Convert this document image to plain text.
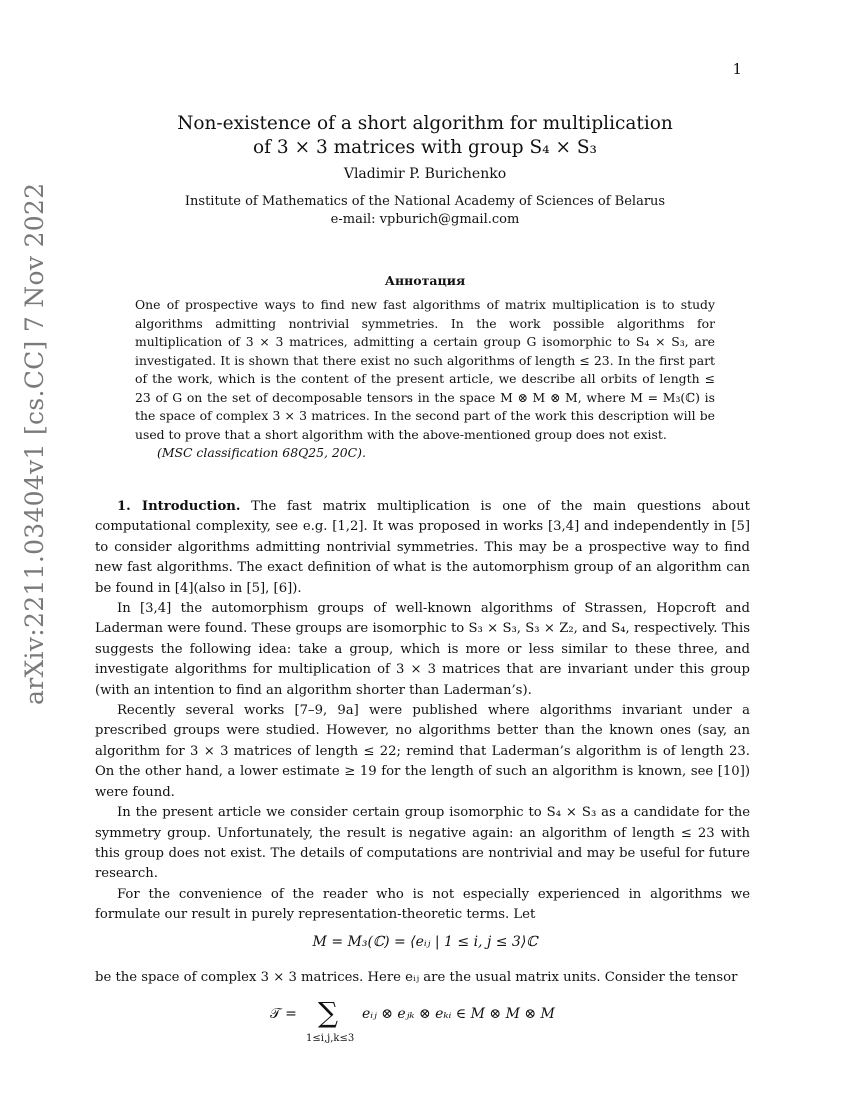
1
arXiv:2211.03404v1 [cs.CC] 7 Nov 2022
Non-existence of a short algorithm for multiplication
of 3 × 3 matrices with group S₄ × S₃
Vladimir P. Burichenko
Institute of Mathematics of the National Academy of Sciences of Belarus
e-mail: vpburich@gmail.com
Аннотация
One of prospective ways to find new fast algorithms of matrix multiplication is to study algorithms admitting nontrivial symmetries. In the work possible algorithms for multiplication of 3 × 3 matrices, admitting a certain group G isomorphic to S₄ × S₃, are investigated. It is shown that there exist no such algorithms of length ≤ 23. In the first part of the work, which is the content of the present article, we describe all orbits of length ≤ 23 of G on the set of decomposable tensors in the space M ⊗ M ⊗ M, where M = M₃(ℂ) is the space of complex 3 × 3 matrices. In the second part of the work this description will be used to prove that a short algorithm with the above-mentioned group does not exist.
(MSC classification 68Q25, 20C).

1. Introduction. The fast matrix multiplication is one of the main questions about computational complexity, see e.g. [1,2]. It was proposed in works [3,4] and independently in [5] to consider algorithms admitting nontrivial symmetries. This may be a prospective way to find new fast algorithms. The exact definition of what is the automorphism group of an algorithm can be found in [4](also in [5], [6]).

In [3,4] the automorphism groups of well-known algorithms of Strassen, Hopcroft and Laderman were found. These groups are isomorphic to S₃ × S₃, S₃ × Z₂, and S₄, respectively. This suggests the following idea: take a group, which is more or less similar to these three, and investigate algorithms for multiplication of 3 × 3 matrices that are invariant under this group (with an intention to find an algorithm shorter than Laderman’s).

Recently several works [7–9, 9a] were published where algorithms invariant under a prescribed groups were studied. However, no algorithms better than the known ones (say, an algorithm for 3 × 3 matrices of length ≤ 22; remind that Laderman’s algorithm is of length 23. On the other hand, a lower estimate ≥ 19 for the length of such an algorithm is known, see [10]) were found.

In the present article we consider certain group isomorphic to S₄ × S₃ as a candidate for the symmetry group. Unfortunately, the result is negative again: an algorithm of length ≤ 23 with this group does not exist. The details of computations are nontrivial and may be useful for future research.

For the convenience of the reader who is not especially experienced in algorithms we formulate our result in purely representation-theoretic terms. Let

M = M₃(ℂ) = ⟨eᵢⱼ | 1 ≤ i, j ≤ 3⟩ℂ
be the space of complex 3 × 3 matrices. Here eᵢⱼ are the usual matrix units. Consider the tensor
𝒯 = ∑
1≤i,j,k≤3
eᵢⱼ ⊗ eⱼₖ ⊗ eₖᵢ ∈ M ⊗ M ⊗ M
